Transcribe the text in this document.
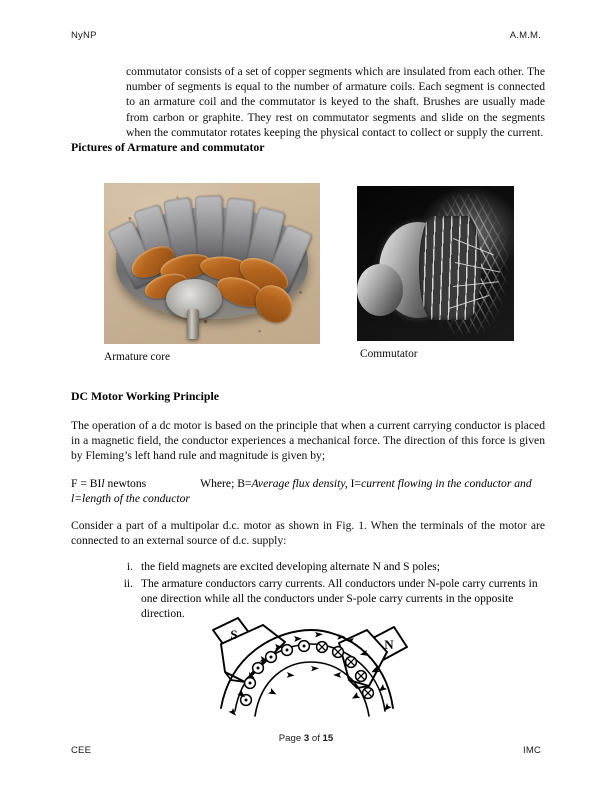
NyNP	A.M.M.

commutator consists of a set of copper segments which are insulated from each other. The number of segments is equal to the number of armature coils. Each segment is connected to an armature coil and the commutator is keyed to the shaft. Brushes are usually made from carbon or graphite. They rest on commutator segments and slide on the segments when the commutator rotates keeping the physical contact to collect or supply the current.

Pictures of Armature and commutator
Armature core	Commutator
DC Motor Working Principle

The operation of a dc motor is based on the principle that when a current carrying conductor is placed in a magnetic field, the conductor experiences a mechanical force. The direction of this force is given by Fleming’s left hand rule and magnitude is given by;

F = BIl newtons	Where; B=Average flux density, I=current flowing in the conductor and l=length of the conductor

Consider a part of a multipolar d.c. motor as shown in Fig. 1. When the terminals of the motor are connected to an external source of d.c. supply:

i. the field magnets are excited developing alternate N and S poles;
ii. The armature conductors carry currents. All conductors under N-pole carry currents in one direction while all the conductors under S-pole carry currents in the opposite direction.
S
N
Page 3 of 15
CEE	IMC
